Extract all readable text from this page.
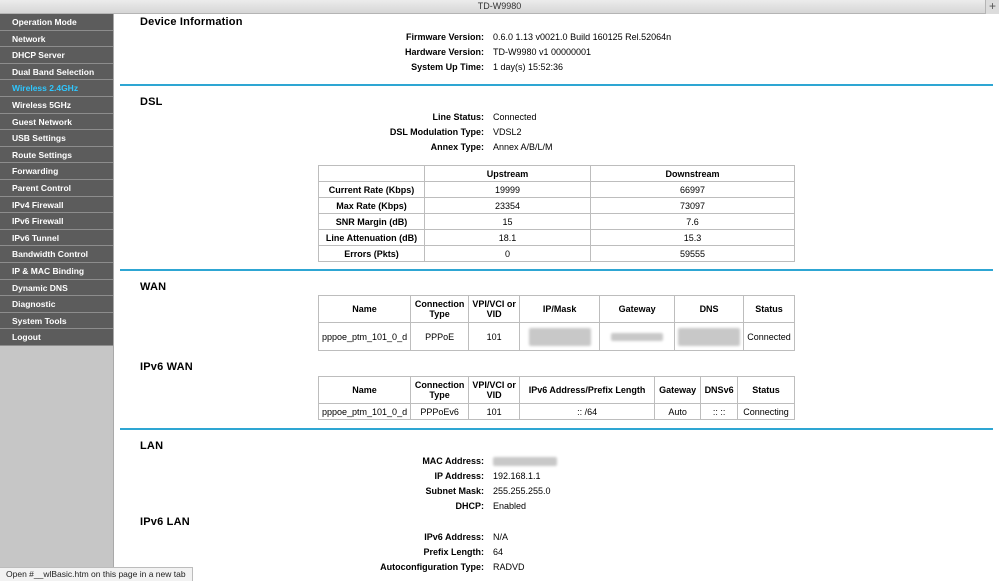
TD-W9980	+
Operation Mode
Network
DHCP Server
Dual Band Selection
Wireless 2.4GHz
Wireless 5GHz
Guest Network
USB Settings
Route Settings
Forwarding
Parent Control
IPv4 Firewall
IPv6 Firewall
IPv6 Tunnel
Bandwidth Control
IP & MAC Binding
Dynamic DNS
Diagnostic
System Tools
Logout
Device Information
Firmware Version: 0.6.0 1.13 v0021.0 Build 160125 Rel.52064n
Hardware Version: TD-W9980 v1 00000001
System Up Time: 1 day(s) 15:52:36
DSL
Line Status: Connected
DSL Modulation Type: VDSL2
Annex Type: Annex A/B/L/M
	Upstream	Downstream
Current Rate (Kbps)	19999	66997
Max Rate (Kbps)	23354	73097
SNR Margin (dB)	15	7.6
Line Attenuation (dB)	18.1	15.3
Errors (Pkts)	0	59555
WAN
Name	Connection Type	VPI/VCI or VID	IP/Mask	Gateway	DNS	Status
pppoe_ptm_101_0_d	PPPoE	101				Connected
IPv6 WAN
Name	Connection Type	VPI/VCI or VID	IPv6 Address/Prefix Length	Gateway	DNSv6	Status
pppoe_ptm_101_0_d	PPPoEv6	101	:: /64	Auto	:: ::	Connecting
LAN
MAC Address:
IP Address: 192.168.1.1
Subnet Mask: 255.255.255.0
DHCP: Enabled
IPv6 LAN
IPv6 Address: N/A
Prefix Length: 64
Autoconfiguration Type: RADVD
Open #__wlBasic.htm on this page in a new tab
